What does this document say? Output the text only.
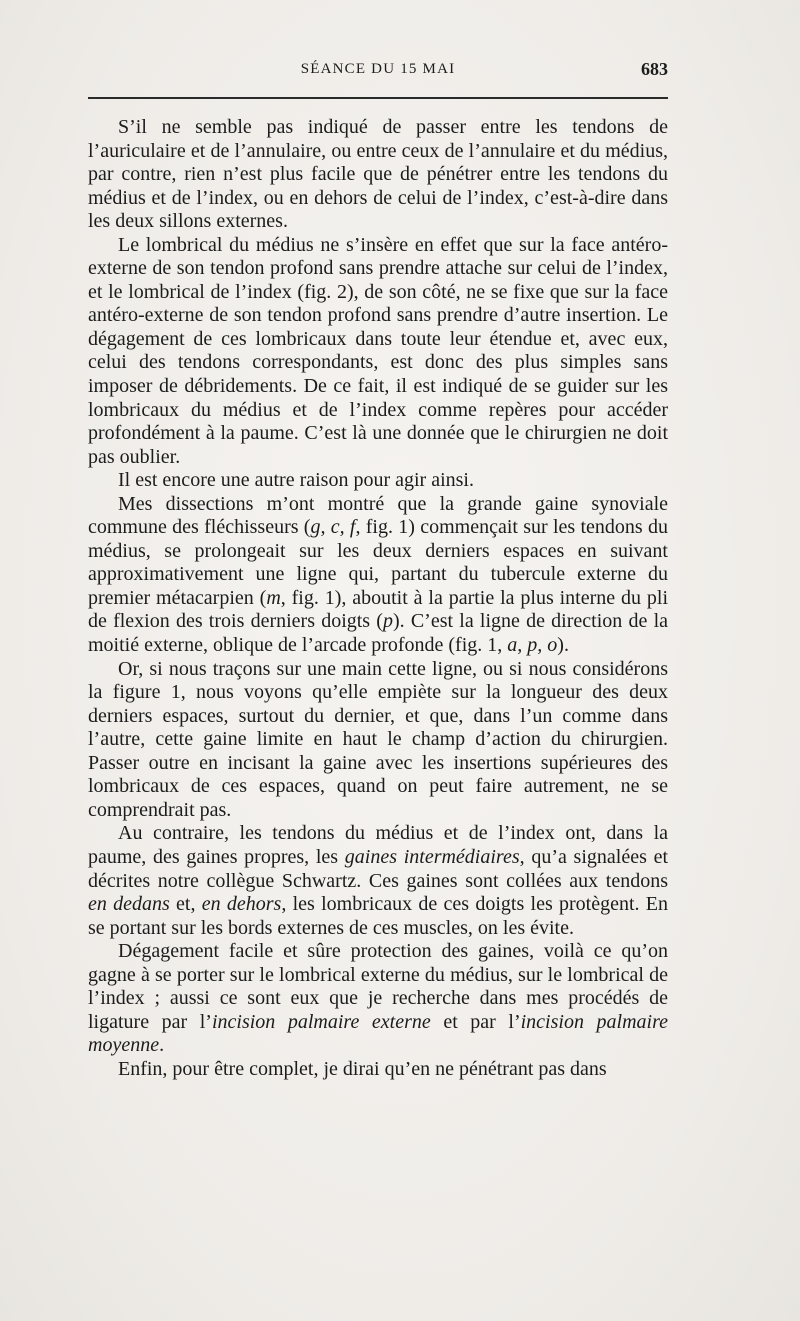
SÉANCE DU 15 MAI	683

S’il ne semble pas indiqué de passer entre les tendons de l’auriculaire et de l’annulaire, ou entre ceux de l’annulaire et du médius, par contre, rien n’est plus facile que de pénétrer entre les tendons du médius et de l’index, ou en dehors de celui de l’index, c’est-à-dire dans les deux sillons externes.

Le lombrical du médius ne s’insère en effet que sur la face antéro-externe de son tendon profond sans prendre attache sur celui de l’index, et le lombrical de l’index (fig. 2), de son côté, ne se fixe que sur la face antéro-externe de son tendon profond sans prendre d’autre insertion. Le dégagement de ces lombricaux dans toute leur étendue et, avec eux, celui des tendons correspondants, est donc des plus simples sans imposer de débridements. De ce fait, il est indiqué de se guider sur les lombricaux du médius et de l’index comme repères pour accéder profondément à la paume. C’est là une donnée que le chirurgien ne doit pas oublier.

Il est encore une autre raison pour agir ainsi.

Mes dissections m’ont montré que la grande gaine synoviale commune des fléchisseurs (g, c, f, fig. 1) commençait sur les tendons du médius, se prolongeait sur les deux derniers espaces en suivant approximativement une ligne qui, partant du tubercule externe du premier métacarpien (m, fig. 1), aboutit à la partie la plus interne du pli de flexion des trois derniers doigts (p). C’est la ligne de direction de la moitié externe, oblique de l’arcade profonde (fig. 1, a, p, o).

Or, si nous traçons sur une main cette ligne, ou si nous considérons la figure 1, nous voyons qu’elle empiète sur la longueur des deux derniers espaces, surtout du dernier, et que, dans l’un comme dans l’autre, cette gaine limite en haut le champ d’action du chirurgien. Passer outre en incisant la gaine avec les insertions supérieures des lombricaux de ces espaces, quand on peut faire autrement, ne se comprendrait pas.

Au contraire, les tendons du médius et de l’index ont, dans la paume, des gaines propres, les gaines intermédiaires, qu’a signalées et décrites notre collègue Schwartz. Ces gaines sont collées aux tendons en dedans et, en dehors, les lombricaux de ces doigts les protègent. En se portant sur les bords externes de ces muscles, on les évite.

Dégagement facile et sûre protection des gaines, voilà ce qu’on gagne à se porter sur le lombrical externe du médius, sur le lombrical de l’index ; aussi ce sont eux que je recherche dans mes procédés de ligature par l’incision palmaire externe et par l’incision palmaire moyenne.

Enfin, pour être complet, je dirai qu’en ne pénétrant pas dans
